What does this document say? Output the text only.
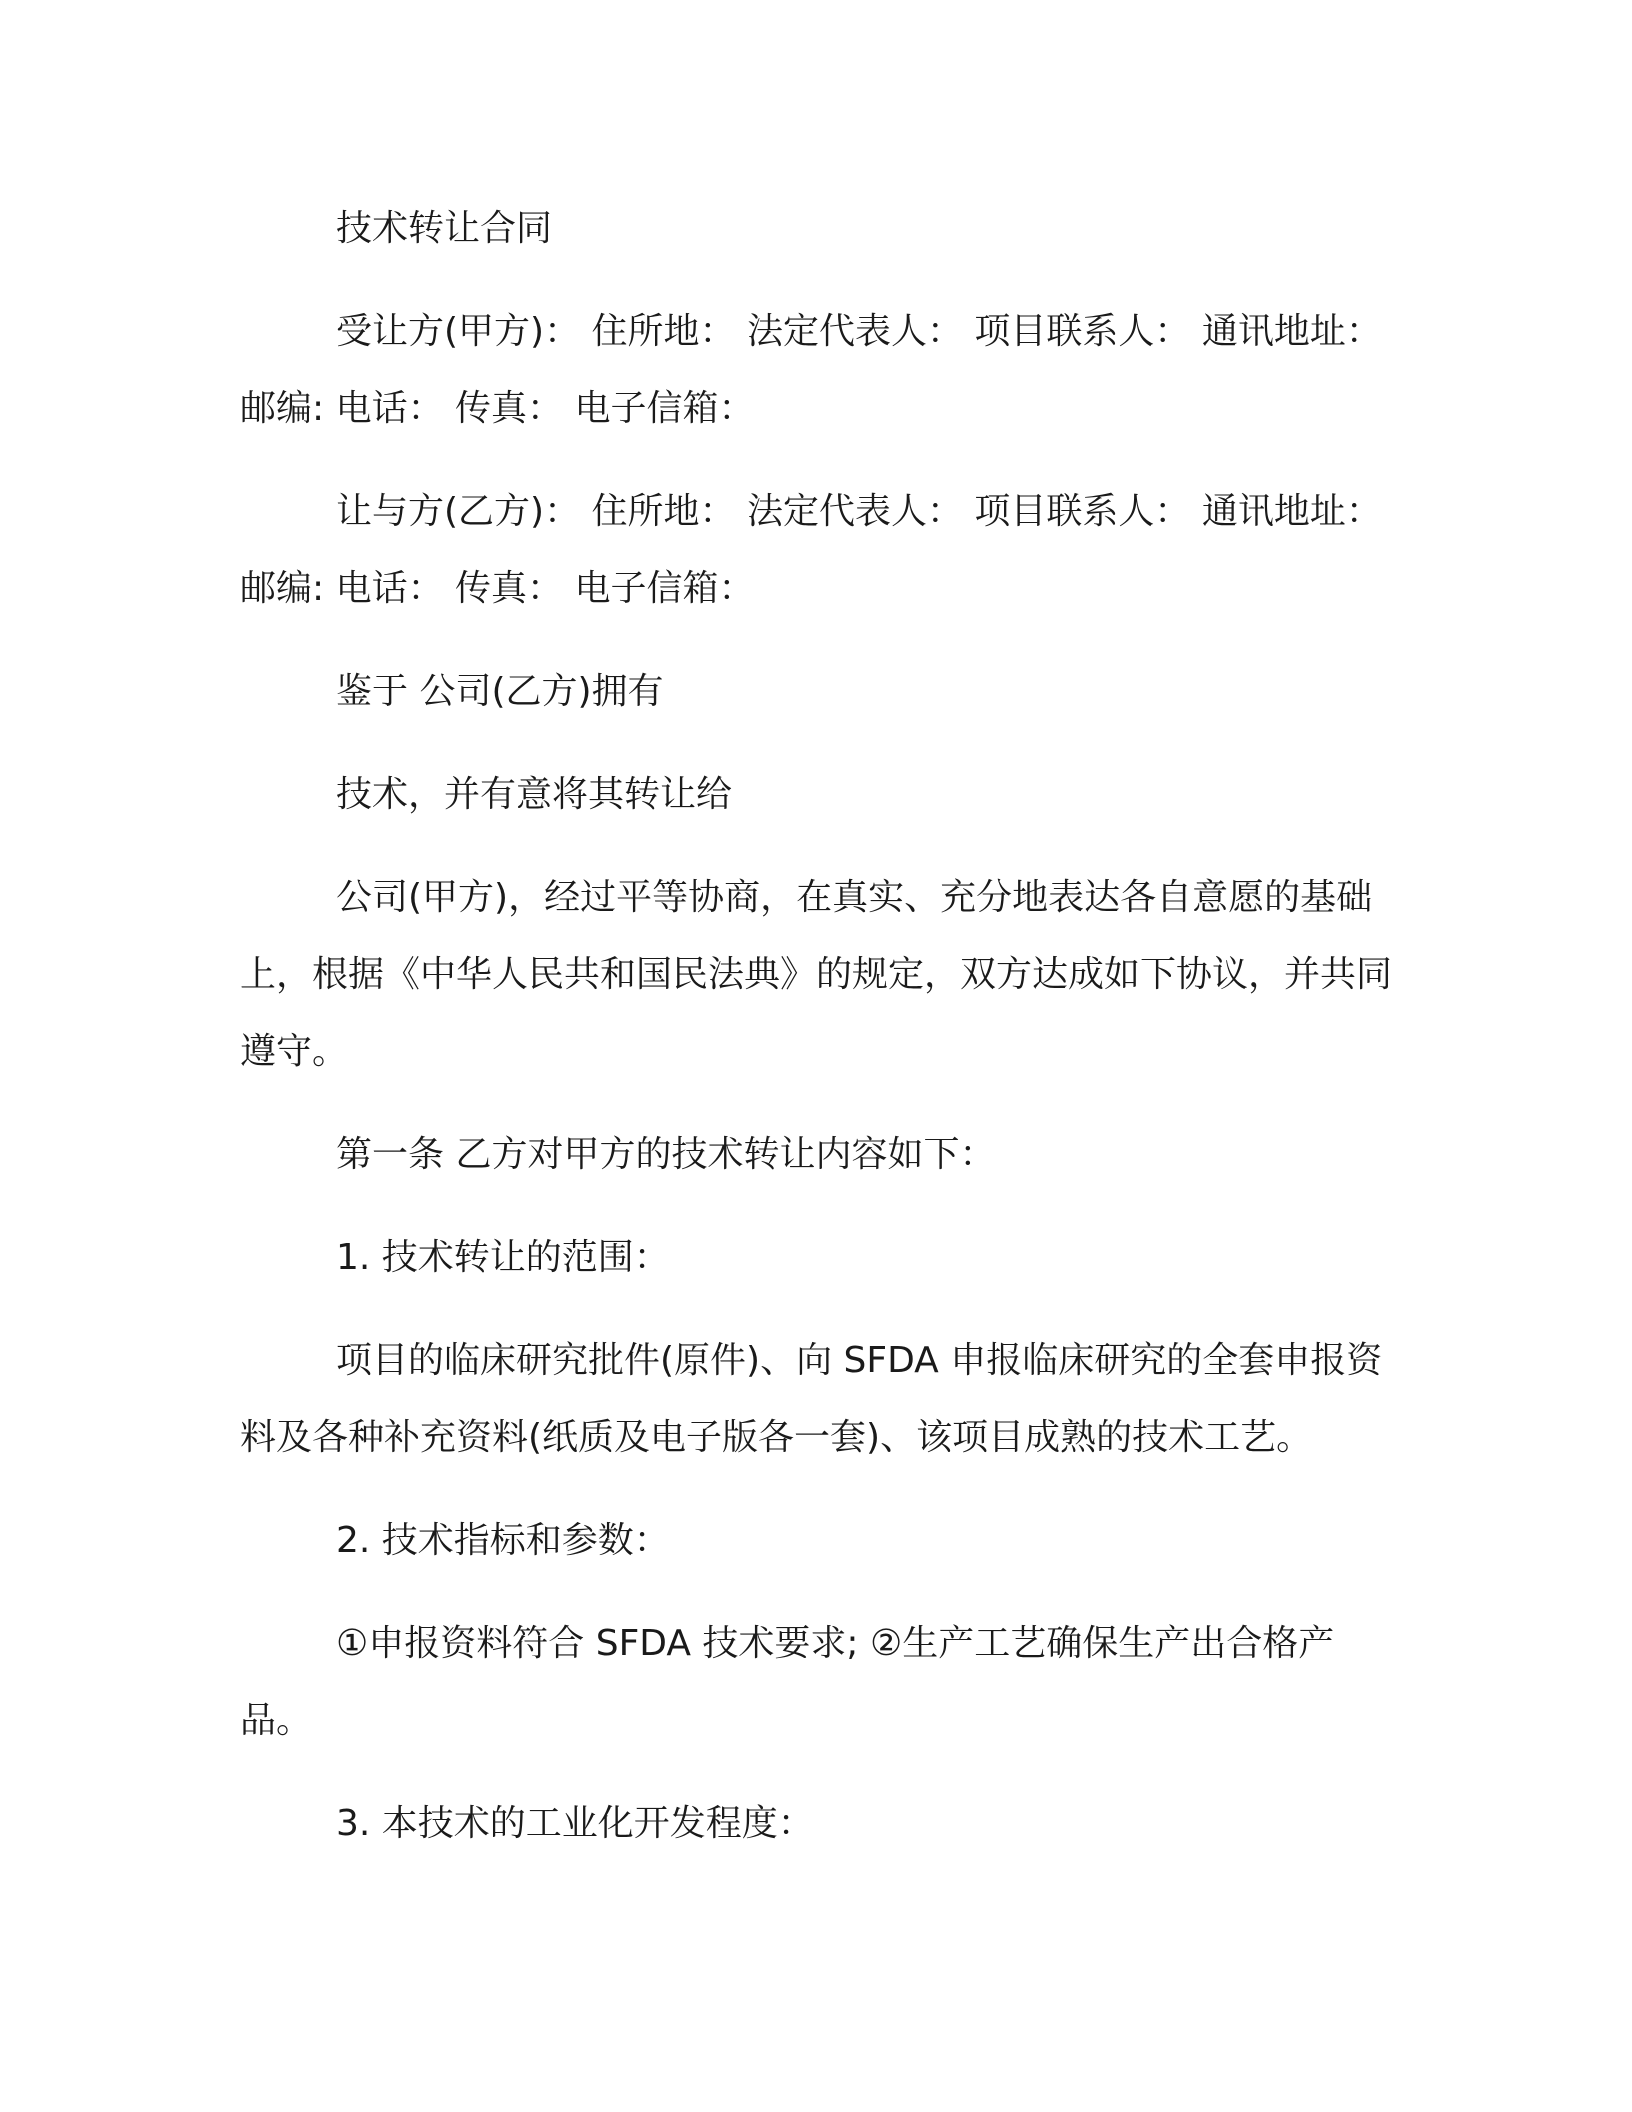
技术转让合同

受让方(甲方)： 住所地： 法定代表人： 项目联系人： 通讯地址： 邮编: 电话： 传真： 电子信箱：

让与方(乙方)： 住所地： 法定代表人： 项目联系人： 通讯地址： 邮编: 电话： 传真： 电子信箱：

鉴于 公司(乙方)拥有

技术，并有意将其转让给

公司(甲方)，经过平等协商，在真实、充分地表达各自意愿的基础上，根据《中华人民共和国民法典》的规定，双方达成如下协议，并共同遵守。

第一条 乙方对甲方的技术转让内容如下：

1. 技术转让的范围：

项目的临床研究批件(原件)、向 SFDA 申报临床研究的全套申报资料及各种补充资料(纸质及电子版各一套)、该项目成熟的技术工艺。

2. 技术指标和参数：

①申报资料符合 SFDA 技术要求; ②生产工艺确保生产出合格产品。

3. 本技术的工业化开发程度：
